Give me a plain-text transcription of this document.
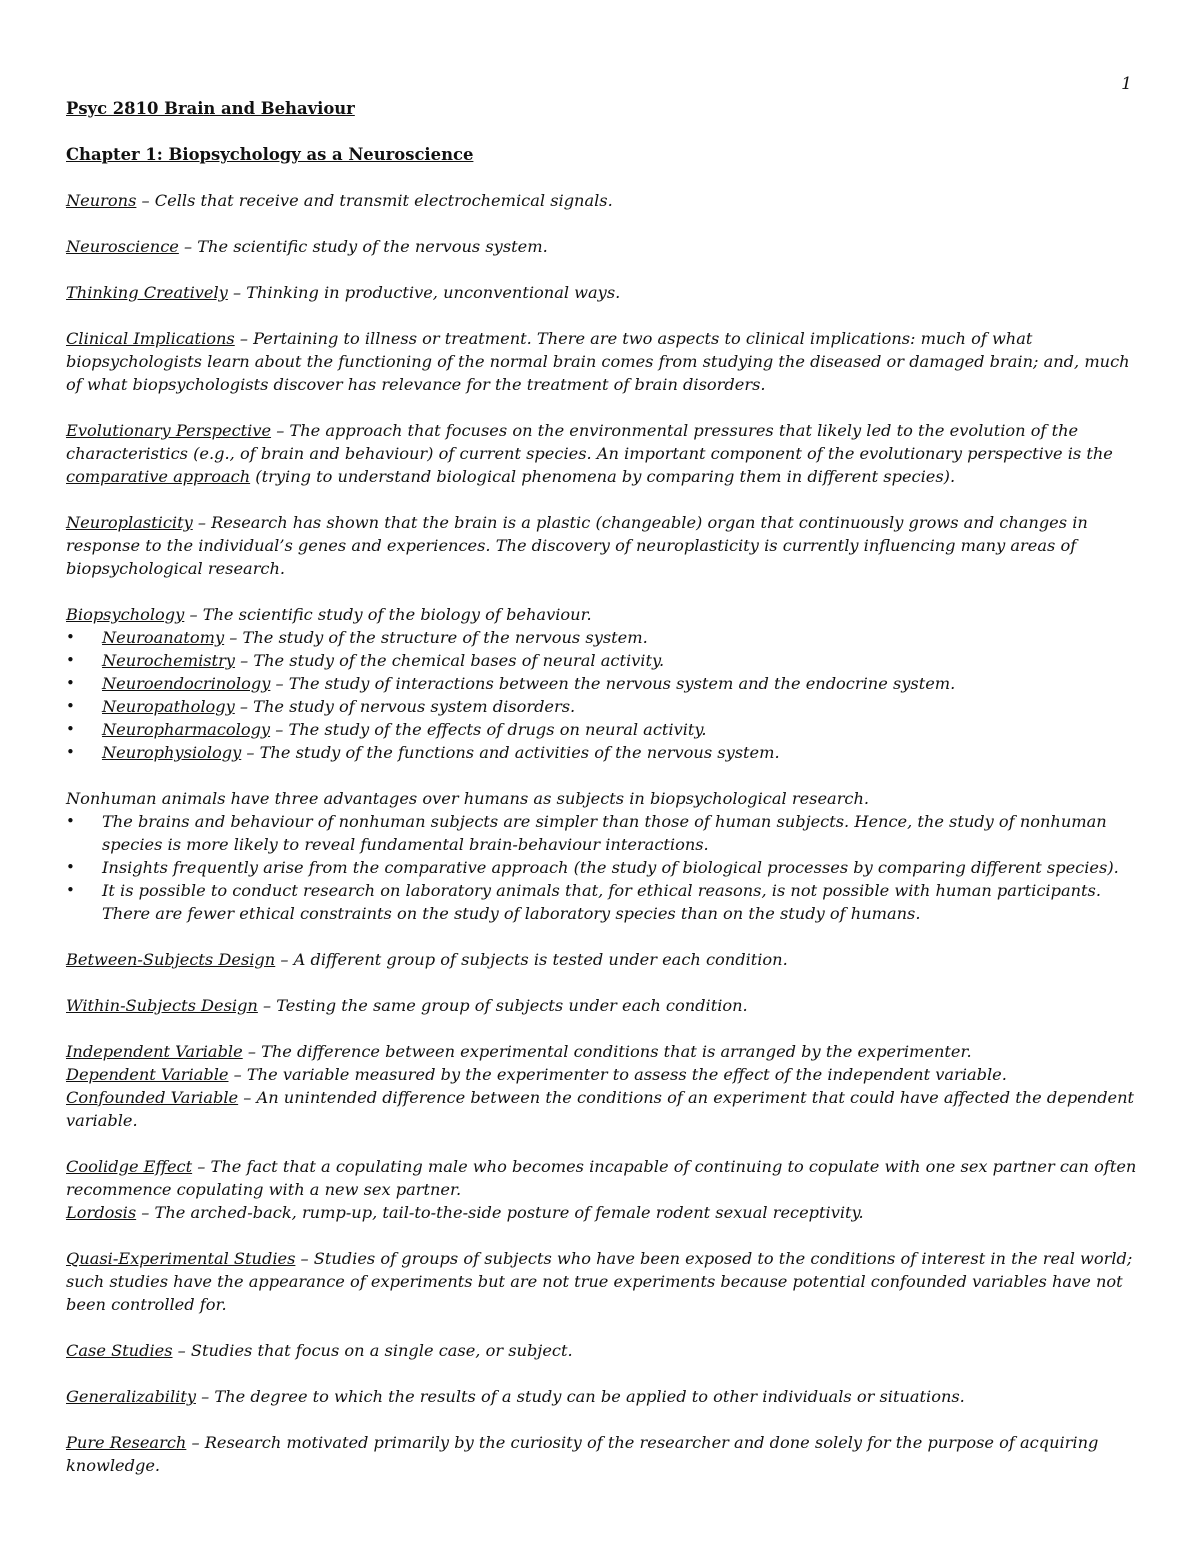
1

Psyc 2810 Brain and Behaviour

Chapter 1: Biopsychology as a Neuroscience

Neurons – Cells that receive and transmit electrochemical signals.

Neuroscience – The scientific study of the nervous system.

Thinking Creatively – Thinking in productive, unconventional ways.

Clinical Implications – Pertaining to illness or treatment. There are two aspects to clinical implications: much of what biopsychologists learn about the functioning of the normal brain comes from studying the diseased or damaged brain; and, much of what biopsychologists discover has relevance for the treatment of brain disorders.

Evolutionary Perspective – The approach that focuses on the environmental pressures that likely led to the evolution of the characteristics (e.g., of brain and behaviour) of current species. An important component of the evolutionary perspective is the comparative approach (trying to understand biological phenomena by comparing them in different species).

Neuroplasticity – Research has shown that the brain is a plastic (changeable) organ that continuously grows and changes in response to the individual’s genes and experiences. The discovery of neuroplasticity is currently influencing many areas of biopsychological research.

Biopsychology – The scientific study of the biology of behaviour.

• Neuroanatomy – The study of the structure of the nervous system.
• Neurochemistry – The study of the chemical bases of neural activity.
• Neuroendocrinology – The study of interactions between the nervous system and the endocrine system.
• Neuropathology – The study of nervous system disorders.
• Neuropharmacology – The study of the effects of drugs on neural activity.
• Neurophysiology – The study of the functions and activities of the nervous system.

Nonhuman animals have three advantages over humans as subjects in biopsychological research.

• The brains and behaviour of nonhuman subjects are simpler than those of human subjects. Hence, the study of nonhuman species is more likely to reveal fundamental brain-behaviour interactions.
• Insights frequently arise from the comparative approach (the study of biological processes by comparing different species).
• It is possible to conduct research on laboratory animals that, for ethical reasons, is not possible with human participants. There are fewer ethical constraints on the study of laboratory species than on the study of humans.

Between-Subjects Design – A different group of subjects is tested under each condition.

Within-Subjects Design – Testing the same group of subjects under each condition.

Independent Variable – The difference between experimental conditions that is arranged by the experimenter.

Dependent Variable – The variable measured by the experimenter to assess the effect of the independent variable.

Confounded Variable – An unintended difference between the conditions of an experiment that could have affected the dependent variable.

Coolidge Effect – The fact that a copulating male who becomes incapable of continuing to copulate with one sex partner can often recommence copulating with a new sex partner.

Lordosis – The arched-back, rump-up, tail-to-the-side posture of female rodent sexual receptivity.

Quasi-Experimental Studies – Studies of groups of subjects who have been exposed to the conditions of interest in the real world; such studies have the appearance of experiments but are not true experiments because potential confounded variables have not been controlled for.

Case Studies – Studies that focus on a single case, or subject.

Generalizability – The degree to which the results of a study can be applied to other individuals or situations.

Pure Research – Research motivated primarily by the curiosity of the researcher and done solely for the purpose of acquiring knowledge.
